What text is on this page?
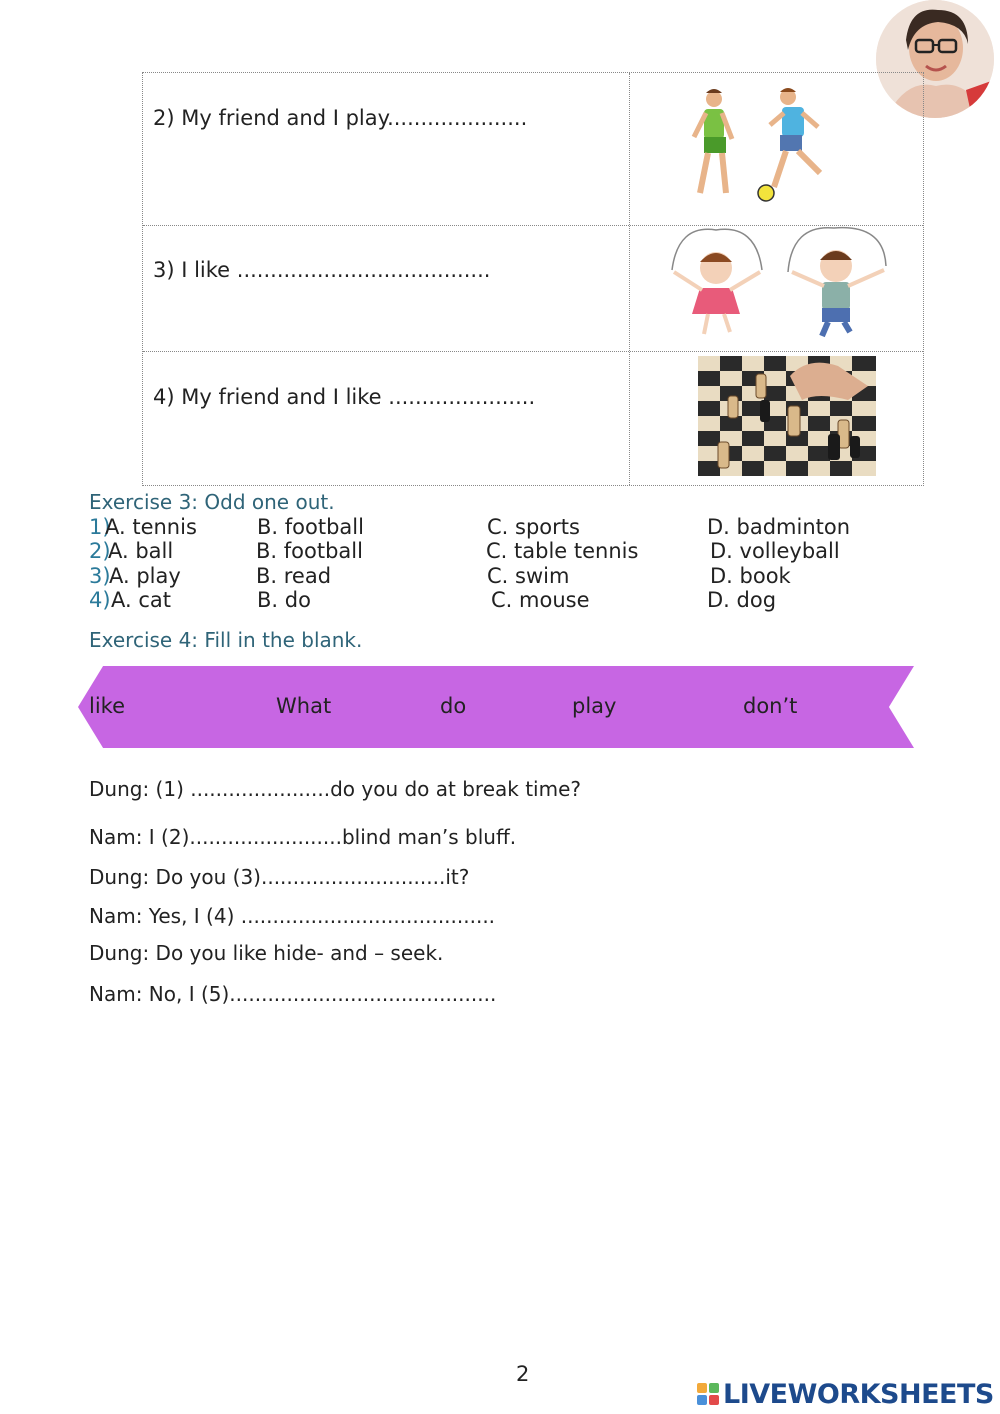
2) My friend and I play.....................
3) I like ......................................
4) My friend and I like ......................
Exercise 3: Odd one out.
1)
A. tennis	B. football	C. sports	D. badminton
2)
A. ball	B. football	C. table tennis	D. volleyball
3)
A. play	B. read	C. swim	D. book
4) A. cat	B. do	C. mouse	D. dog
Exercise 4: Fill in the blank.
like	What	do	play	don’t
Dung: (1) ......................do you do at break time?
Nam: I (2)........................blind man’s bluff.
Dung: Do you (3).............................it?
Nam: Yes, I (4) ........................................
Dung: Do you like hide- and – seek.
Nam: No, I (5)..........................................
2
LIVEWORKSHEETS
